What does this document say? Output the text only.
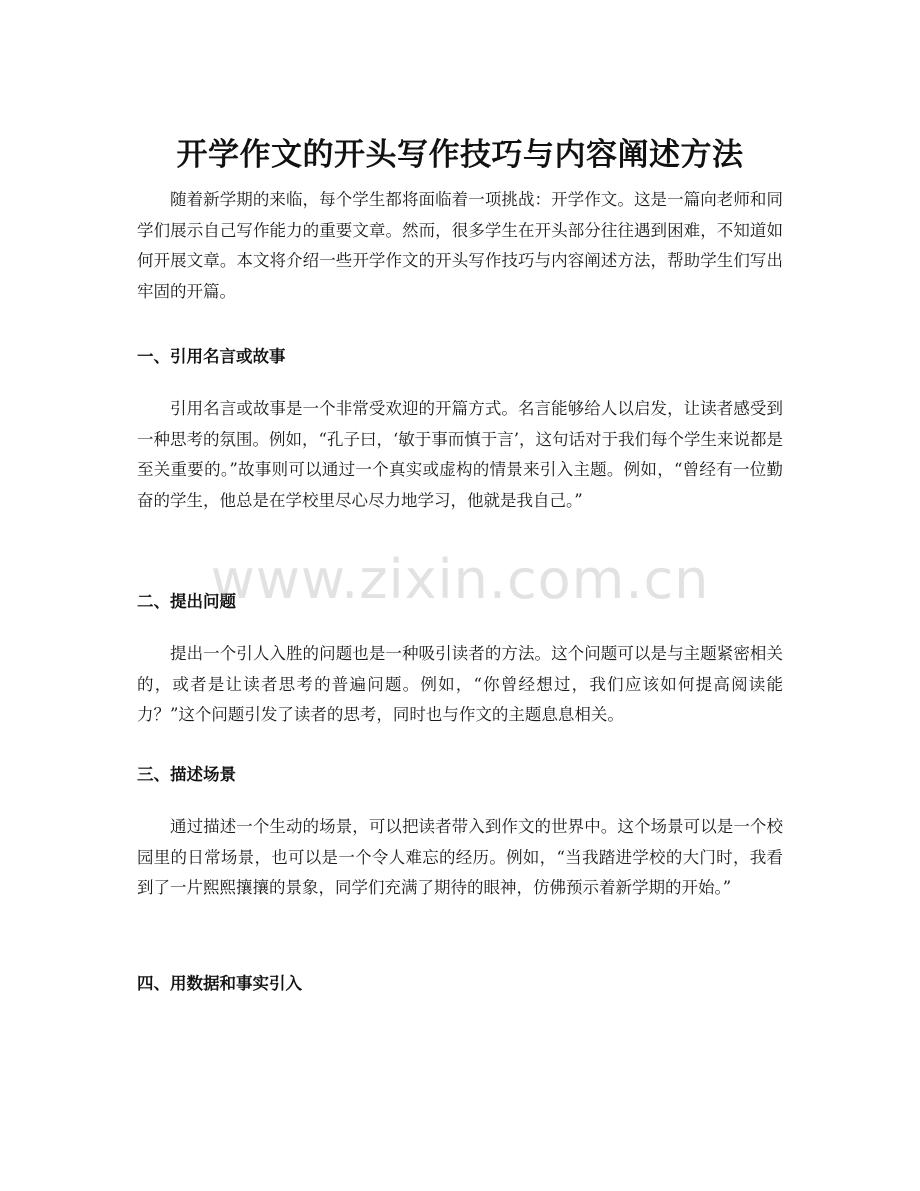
开学作文的开头写作技巧与内容阐述方法

随着新学期的来临，每个学生都将面临着一项挑战：开学作文。这是一篇向老师和同学们展示自己写作能力的重要文章。然而，很多学生在开头部分往往遇到困难，不知道如何开展文章。本文将介绍一些开学作文的开头写作技巧与内容阐述方法，帮助学生们写出牢固的开篇。

一、引用名言或故事

引用名言或故事是一个非常受欢迎的开篇方式。名言能够给人以启发，让读者感受到一种思考的氛围。例如，“孔子曰，‘敏于事而慎于言’，这句话对于我们每个学生来说都是至关重要的。”故事则可以通过一个真实或虚构的情景来引入主题。例如，“曾经有一位勤奋的学生，他总是在学校里尽心尽力地学习，他就是我自己。”

二、提出问题

提出一个引人入胜的问题也是一种吸引读者的方法。这个问题可以是与主题紧密相关的，或者是让读者思考的普遍问题。例如，“你曾经想过，我们应该如何提高阅读能力？”这个问题引发了读者的思考，同时也与作文的主题息息相关。

三、描述场景

通过描述一个生动的场景，可以把读者带入到作文的世界中。这个场景可以是一个校园里的日常场景，也可以是一个令人难忘的经历。例如，“当我踏进学校的大门时，我看到了一片熙熙攘攘的景象，同学们充满了期待的眼神，仿佛预示着新学期的开始。”

四、用数据和事实引入
www.zixin.com.cn
